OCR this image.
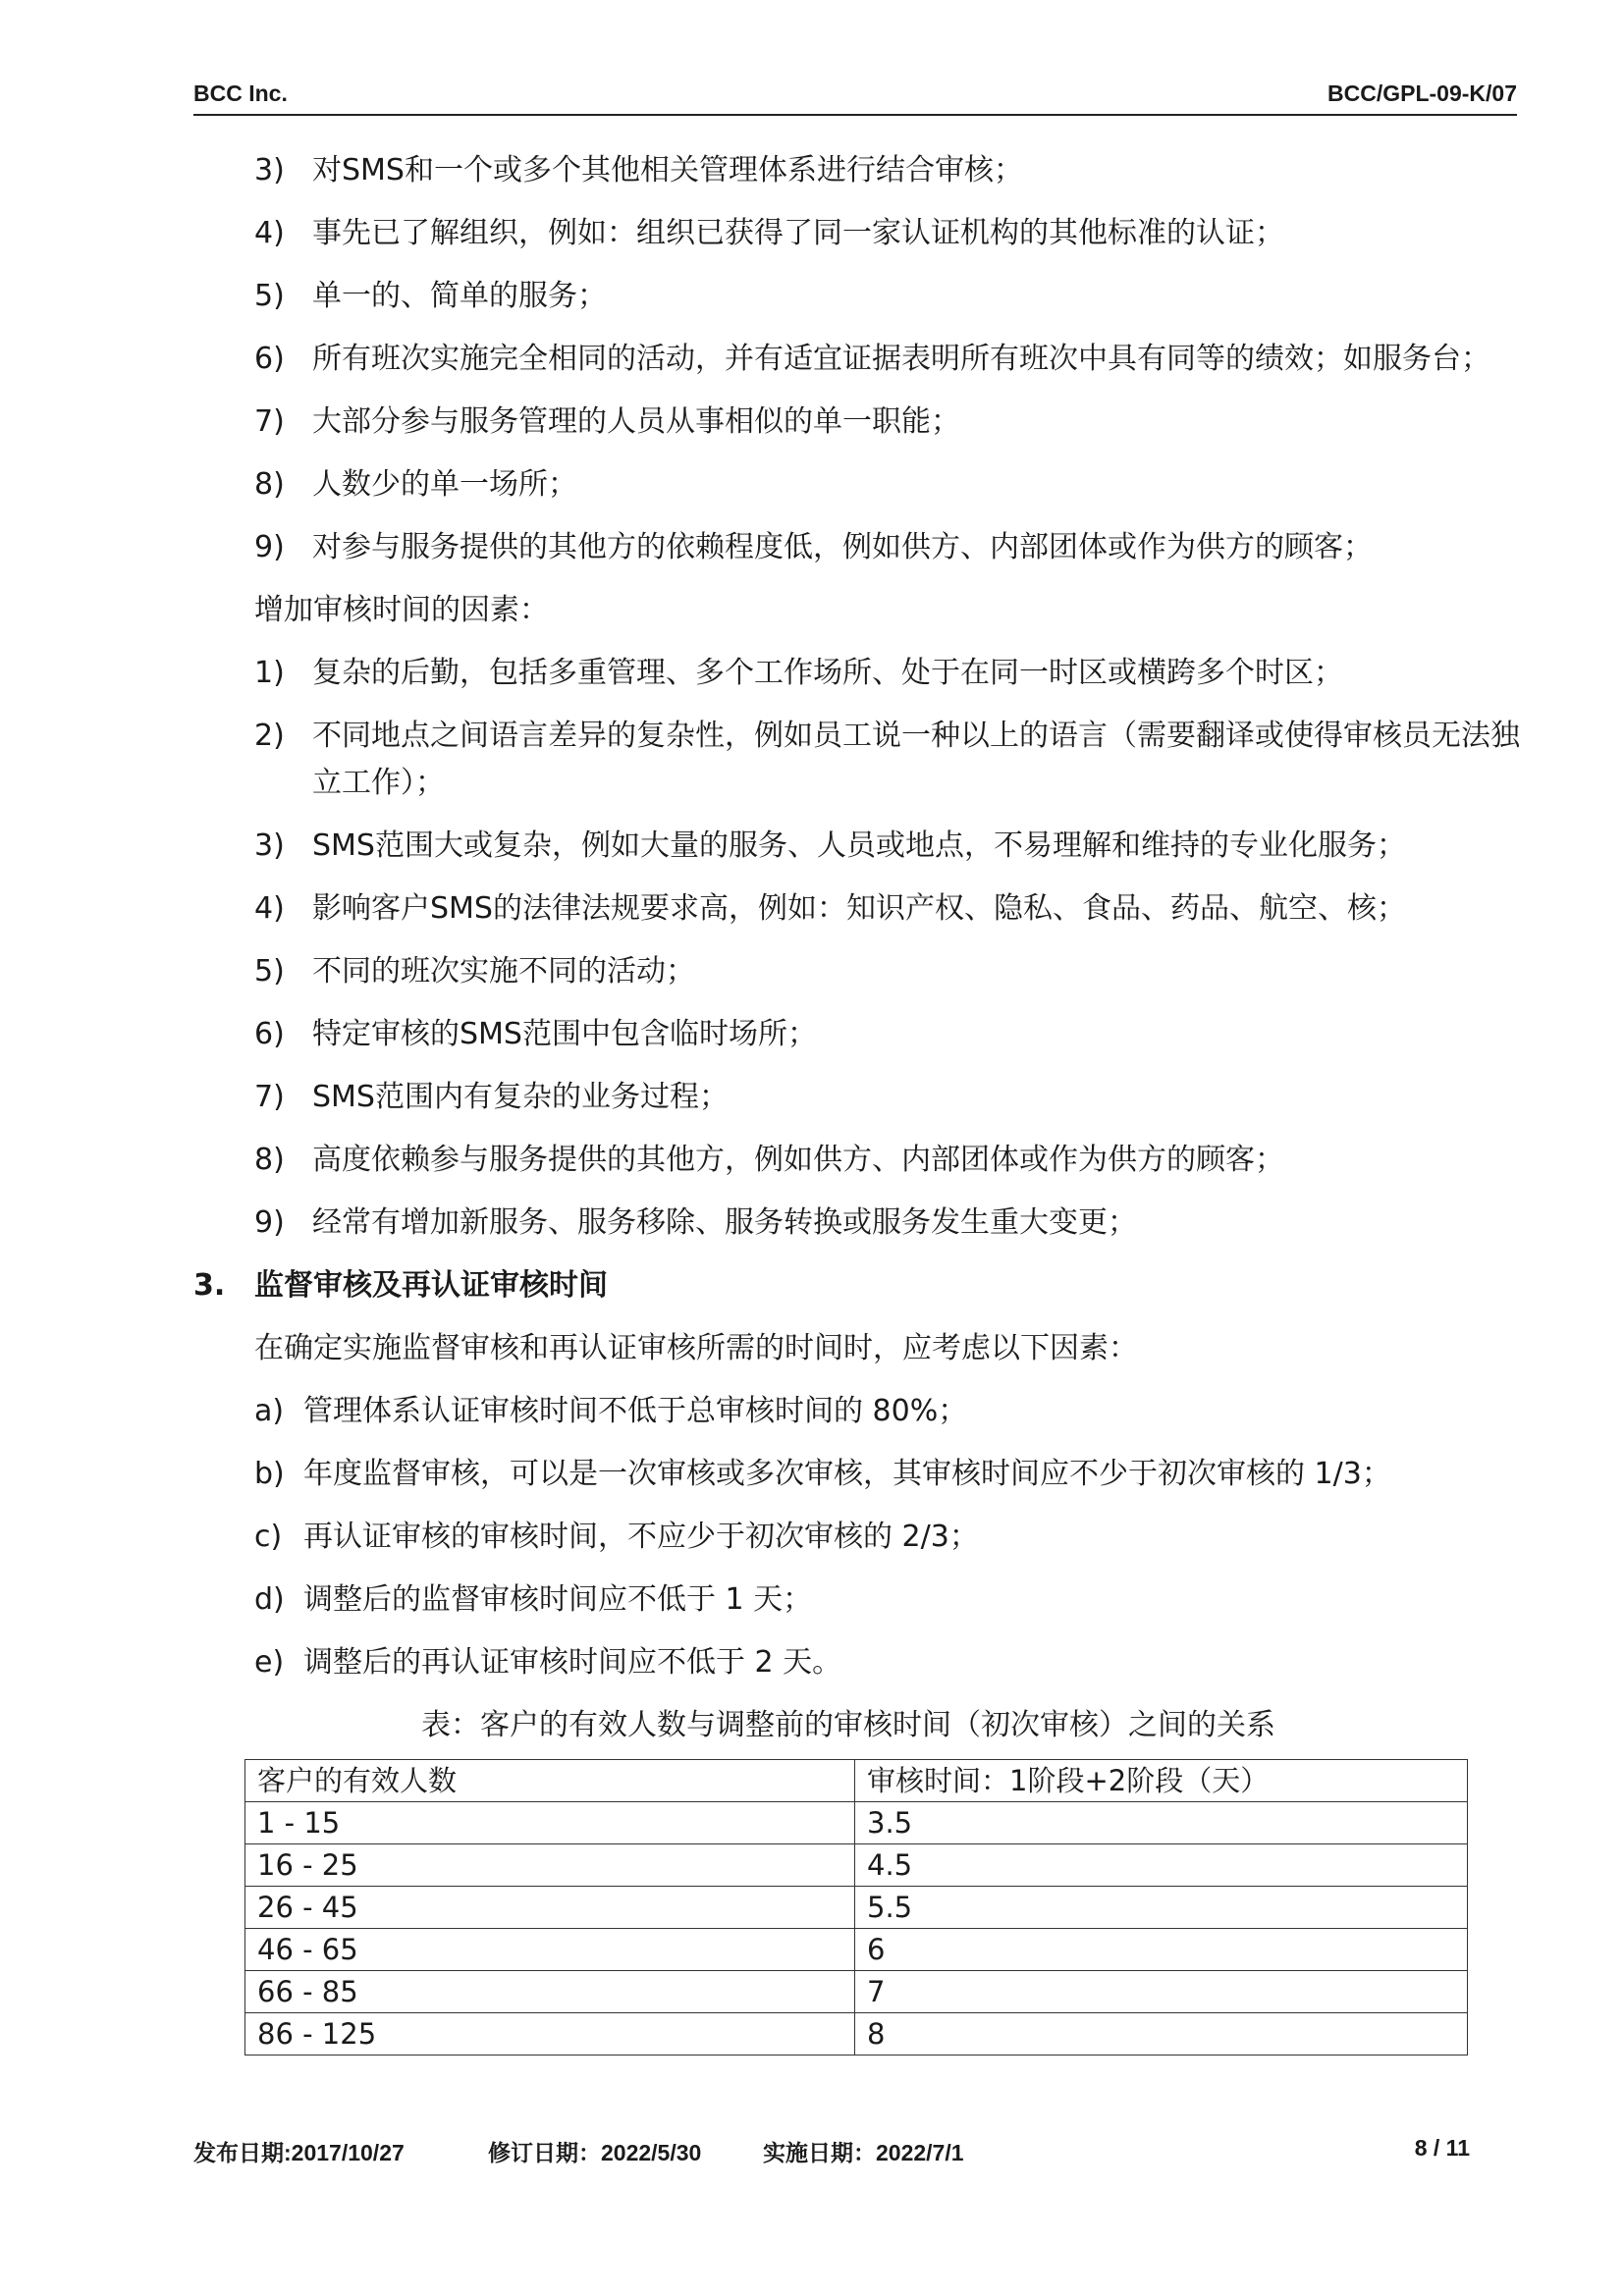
BCC Inc.	BCC/GPL-09-K/07
3) 对SMS和一个或多个其他相关管理体系进行结合审核；
4) 事先已了解组织，例如：组织已获得了同一家认证机构的其他标准的认证；
5) 单一的、简单的服务；
6) 所有班次实施完全相同的活动，并有适宜证据表明所有班次中具有同等的绩效；如服务台；
7) 大部分参与服务管理的人员从事相似的单一职能；
8) 人数少的单一场所；
9) 对参与服务提供的其他方的依赖程度低，例如供方、内部团体或作为供方的顾客；
增加审核时间的因素：
1) 复杂的后勤，包括多重管理、多个工作场所、处于在同一时区或横跨多个时区；
2) 不同地点之间语言差异的复杂性，例如员工说一种以上的语言（需要翻译或使得审核员无法独立工作）；
3) SMS范围大或复杂，例如大量的服务、人员或地点，不易理解和维持的专业化服务；
4) 影响客户SMS的法律法规要求高，例如：知识产权、隐私、食品、药品、航空、核；
5) 不同的班次实施不同的活动；
6) 特定审核的SMS范围中包含临时场所；
7) SMS范围内有复杂的业务过程；
8) 高度依赖参与服务提供的其他方，例如供方、内部团体或作为供方的顾客；
9) 经常有增加新服务、服务移除、服务转换或服务发生重大变更；
3. 监督审核及再认证审核时间
在确定实施监督审核和再认证审核所需的时间时，应考虑以下因素：
a) 管理体系认证审核时间不低于总审核时间的 80%；
b) 年度监督审核，可以是一次审核或多次审核，其审核时间应不少于初次审核的 1/3；
c) 再认证审核的审核时间，不应少于初次审核的 2/3；
d) 调整后的监督审核时间应不低于 1 天；
e) 调整后的再认证审核时间应不低于 2 天。
表：客户的有效人数与调整前的审核时间（初次审核）之间的关系
客户的有效人数	审核时间：1阶段+2阶段（天）
1 - 15	3.5
16 - 25	4.5
26 - 45	5.5
46 - 65	6
66 - 85	7
86 - 125	8
发布日期:2017/10/27	修订日期：2022/5/30	实施日期：2022/7/1	8 / 11
